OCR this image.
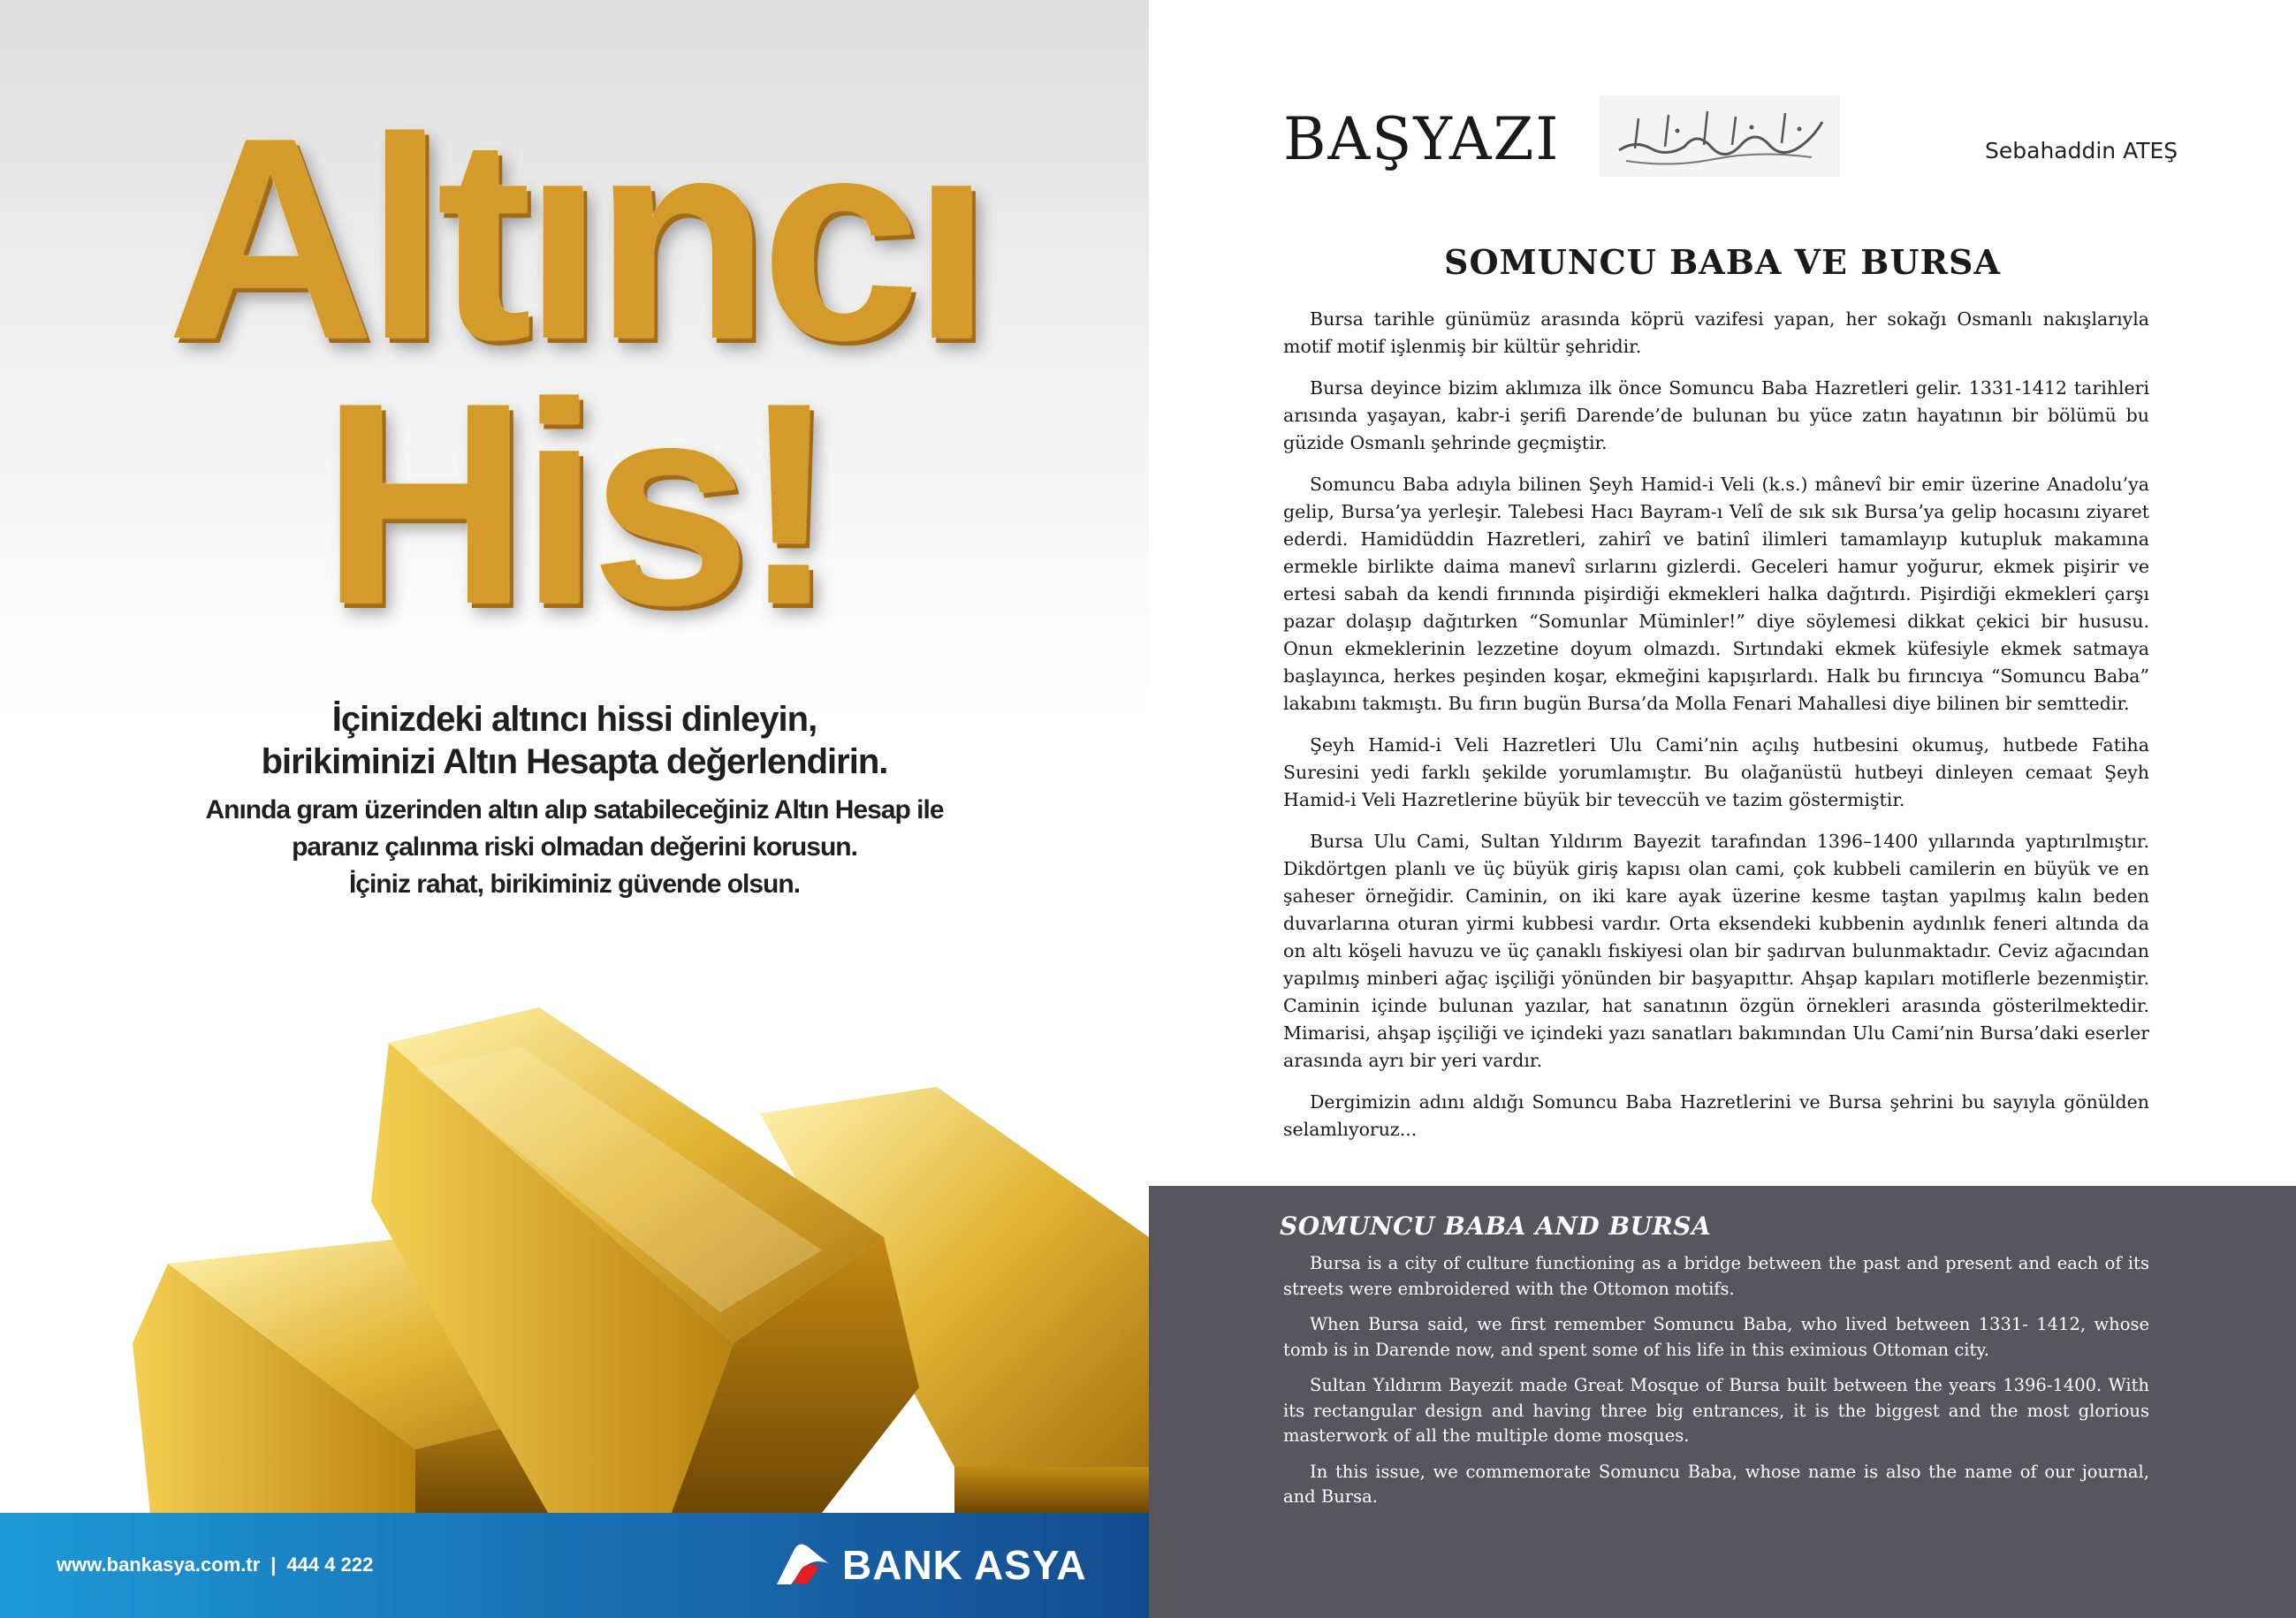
Altıncı
His!

İçinizdeki altıncı hissi dinleyin,
birikiminizi Altın Hesapta değerlendirin.
Anında gram üzerinden altın alıp satabileceğiniz Altın Hesap ile
paranız çalınma riski olmadan değerini korusun.
İçiniz rahat, birikiminiz güvende olsun.

www.bankasya.com.tr | 444 4 222	BANK ASYA
BAŞYAZI	Sebahaddin ATEŞ
SOMUNCU BABA VE BURSA

Bursa tarihle günümüz arasında köprü vazifesi yapan, her sokağı Osmanlı nakışlarıyla motif motif işlenmiş bir kültür şehridir.

Bursa deyince bizim aklımıza ilk önce Somuncu Baba Hazretleri gelir. 1331-1412 tarihleri arısında yaşayan, kabr-i şerifi Darende’de bulunan bu yüce zatın hayatının bir bölümü bu güzide Osmanlı şehrinde geçmiştir.

Somuncu Baba adıyla bilinen Şeyh Hamid-i Veli (k.s.) mânevî bir emir üzerine Anadolu’ya gelip, Bursa’ya yerleşir. Talebesi Hacı Bayram-ı Velî de sık sık Bursa’ya gelip hocasını ziyaret ederdi. Hamidüddin Hazretleri, zahirî ve batinî ilimleri tamamlayıp kutupluk makamına ermekle birlikte daima manevî sırlarını gizlerdi. Geceleri hamur yoğurur, ekmek pişirir ve ertesi sabah da kendi fırınında pişirdiği ekmekleri halka dağıtırdı. Pişirdiği ekmekleri çarşı pazar dolaşıp dağıtırken “Somunlar Müminler!” diye söylemesi dikkat çekici bir hususu. Onun ekmeklerinin lezzetine doyum olmazdı. Sırtındaki ekmek küfesiyle ekmek satmaya başlayınca, herkes peşinden koşar, ekmeğini kapışırlardı. Halk bu fırıncıya “Somuncu Baba” lakabını takmıştı. Bu fırın bugün Bursa’da Molla Fenari Mahallesi diye bilinen bir semttedir.

Şeyh Hamid-i Veli Hazretleri Ulu Cami’nin açılış hutbesini okumuş, hutbede Fatiha Suresini yedi farklı şekilde yorumlamıştır. Bu olağanüstü hutbeyi dinleyen cemaat Şeyh Hamid-i Veli Hazretlerine büyük bir teveccüh ve tazim göstermiştir.

Bursa Ulu Cami, Sultan Yıldırım Bayezit tarafından 1396–1400 yıllarında yaptırılmıştır. Dikdörtgen planlı ve üç büyük giriş kapısı olan cami, çok kubbeli camilerin en büyük ve en şaheser örneğidir. Caminin, on iki kare ayak üzerine kesme taştan yapılmış kalın beden duvarlarına oturan yirmi kubbesi vardır. Orta eksendeki kubbenin aydınlık feneri altında da on altı köşeli havuzu ve üç çanaklı fıskiyesi olan bir şadırvan bulunmaktadır. Ceviz ağacından yapılmış minberi ağaç işçiliği yönünden bir başyapıttır. Ahşap kapıları motiflerle bezenmiştir. Caminin içinde bulunan yazılar, hat sanatının özgün örnekleri arasında gösterilmektedir. Mimarisi, ahşap işçiliği ve içindeki yazı sanatları bakımından Ulu Cami’nin Bursa’daki eserler arasında ayrı bir yeri vardır.

Dergimizin adını aldığı Somuncu Baba Hazretlerini ve Bursa şehrini bu sayıyla gönülden selamlıyoruz...

SOMUNCU BABA AND BURSA

Bursa is a city of culture functioning as a bridge between the past and present and each of its streets were embroidered with the Ottomon motifs.

When Bursa said, we first remember Somuncu Baba, who lived between 1331- 1412, whose tomb is in Darende now, and spent some of his life in this eximious Ottoman city.

Sultan Yıldırım Bayezit made Great Mosque of Bursa built between the years 1396-1400. With its rectangular design and having three big entrances, it is the biggest and the most glorious masterwork of all the multiple dome mosques.

In this issue, we commemorate Somuncu Baba, whose name is also the name of our journal, and Bursa.
